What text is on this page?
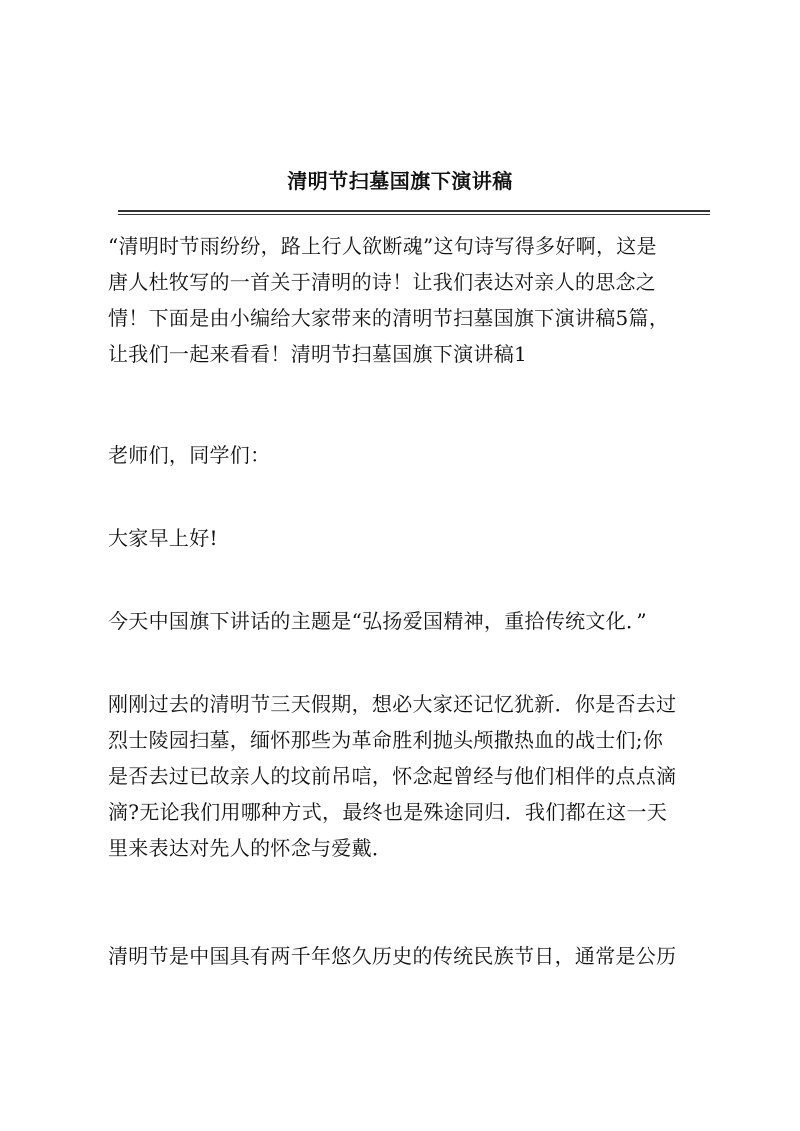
清明节扫墓国旗下演讲稿
“清明时节雨纷纷，路上行人欲断魂”这句诗写得多好啊，这是
唐人杜牧写的一首关于清明的诗！让我们表达对亲人的思念之
情！下面是由小编给大家带来的清明节扫墓国旗下演讲稿5篇，
让我们一起来看看！清明节扫墓国旗下演讲稿1
老师们，同学们：
大家早上好!
今天中国旗下讲话的主题是“弘扬爱国精神，重拾传统文化．”
刚刚过去的清明节三天假期，想必大家还记忆犹新．你是否去过
烈士陵园扫墓，缅怀那些为革命胜利抛头颅撒热血的战士们;你
是否去过已故亲人的坟前吊唁，怀念起曾经与他们相伴的点点滴
滴?无论我们用哪种方式，最终也是殊途同归．我们都在这一天
里来表达对先人的怀念与爱戴．
清明节是中国具有两千年悠久历史的传统民族节日，通常是公历
